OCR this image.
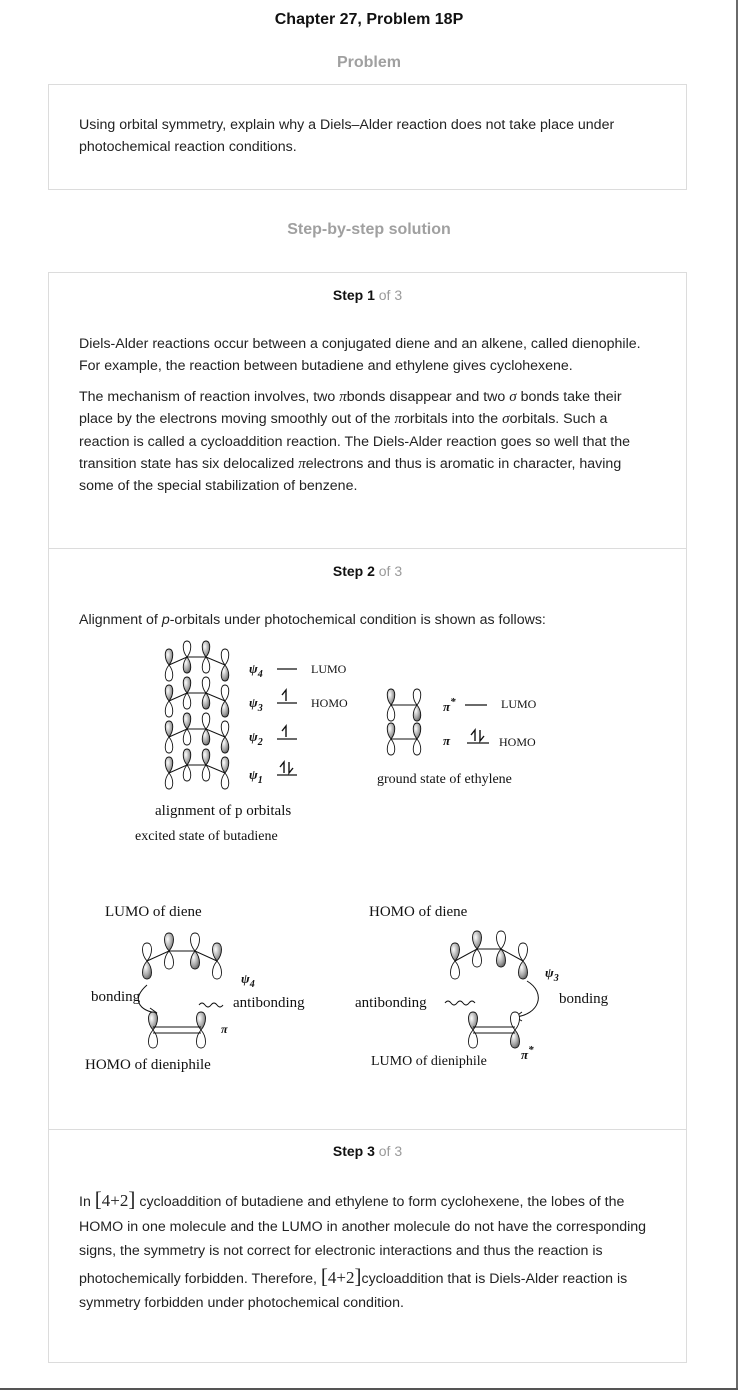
Chapter 27, Problem 18P
Problem

Using orbital symmetry, explain why a Diels–Alder reaction does not take place under

photochemical reaction conditions.

Step-by-step solution
Step 1 of 3

Diels-Alder reactions occur between a conjugated diene and an alkene, called dienophile. For example, the reaction between butadiene and ethylene gives cyclohexene.

The mechanism of reaction involves, two πbonds disappear and two σ bonds take their place by the electrons moving smoothly out of the πorbitals into the σorbitals. Such a reaction is called a cycloaddition reaction. The Diels-Alder reaction goes so well that the transition state has six delocalized πelectrons and thus is aromatic in character, having some of the special stabilization of benzene.

Step 2 of 3

Alignment of p-orbitals under photochemical condition is shown as follows:

$\psi_4$
$\psi_3$
$\psi_2$
$\psi_1$
LUMO
HOMO
alignment of p orbitals
excited state of butadiene
π*
π
LUMO
HOMO
ground state of ethylene
LUMO of diene
$\psi_4$
bonding	antibonding
π
HOMO of dieniphile
HOMO of diene
$\psi_3$
antibonding	bonding
LUMO of dieniphile	π*
Step 3 of 3

In [4+2] cycloaddition of butadiene and ethylene to form cyclohexene, the lobes of the HOMO in one molecule and the LUMO in another molecule do not have the corresponding signs, the symmetry is not correct for electronic interactions and thus the reaction is photochemically forbidden. Therefore, [4+2]cycloaddition that is Diels-Alder reaction is symmetry forbidden under photochemical condition.
